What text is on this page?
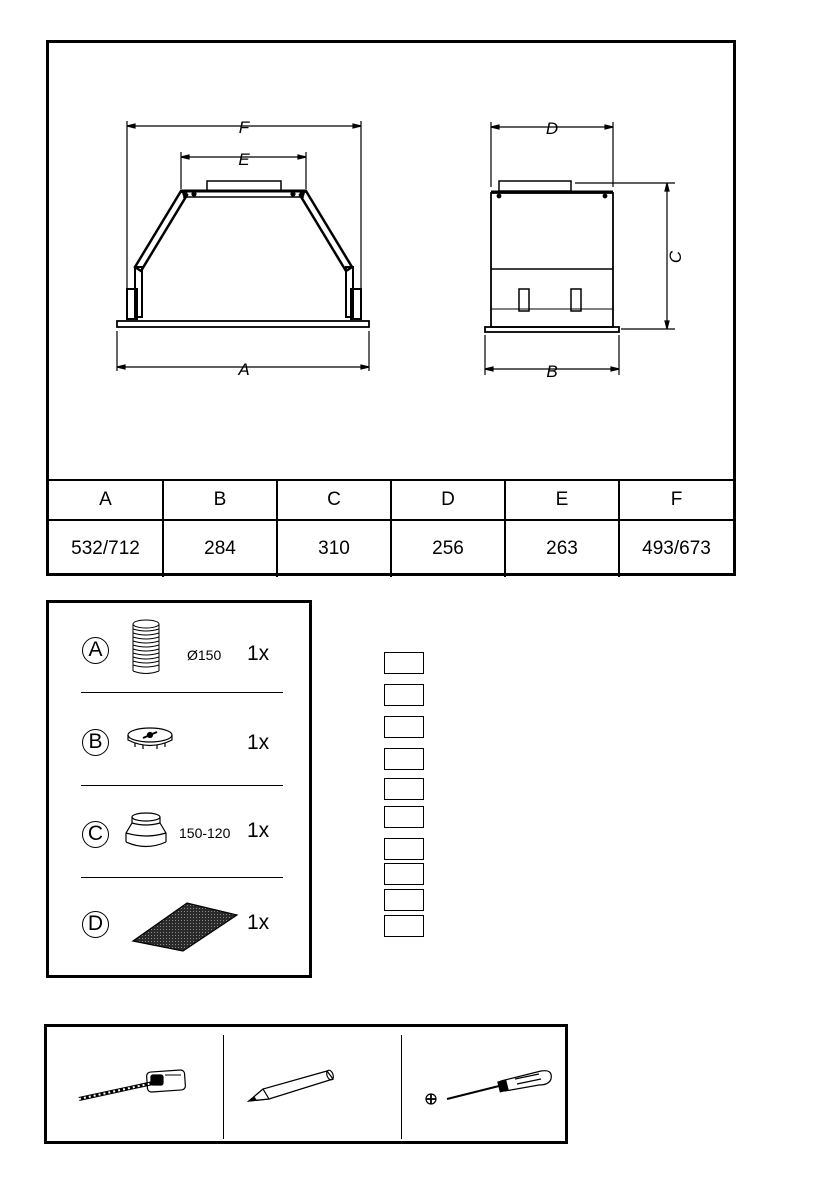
F
E
A
D
C
B
A	B	C	D	E	F
532/712	284	310	256	263	493/673
A	Ø150 1x
B	1x
C	150-120 1x
D	1x
